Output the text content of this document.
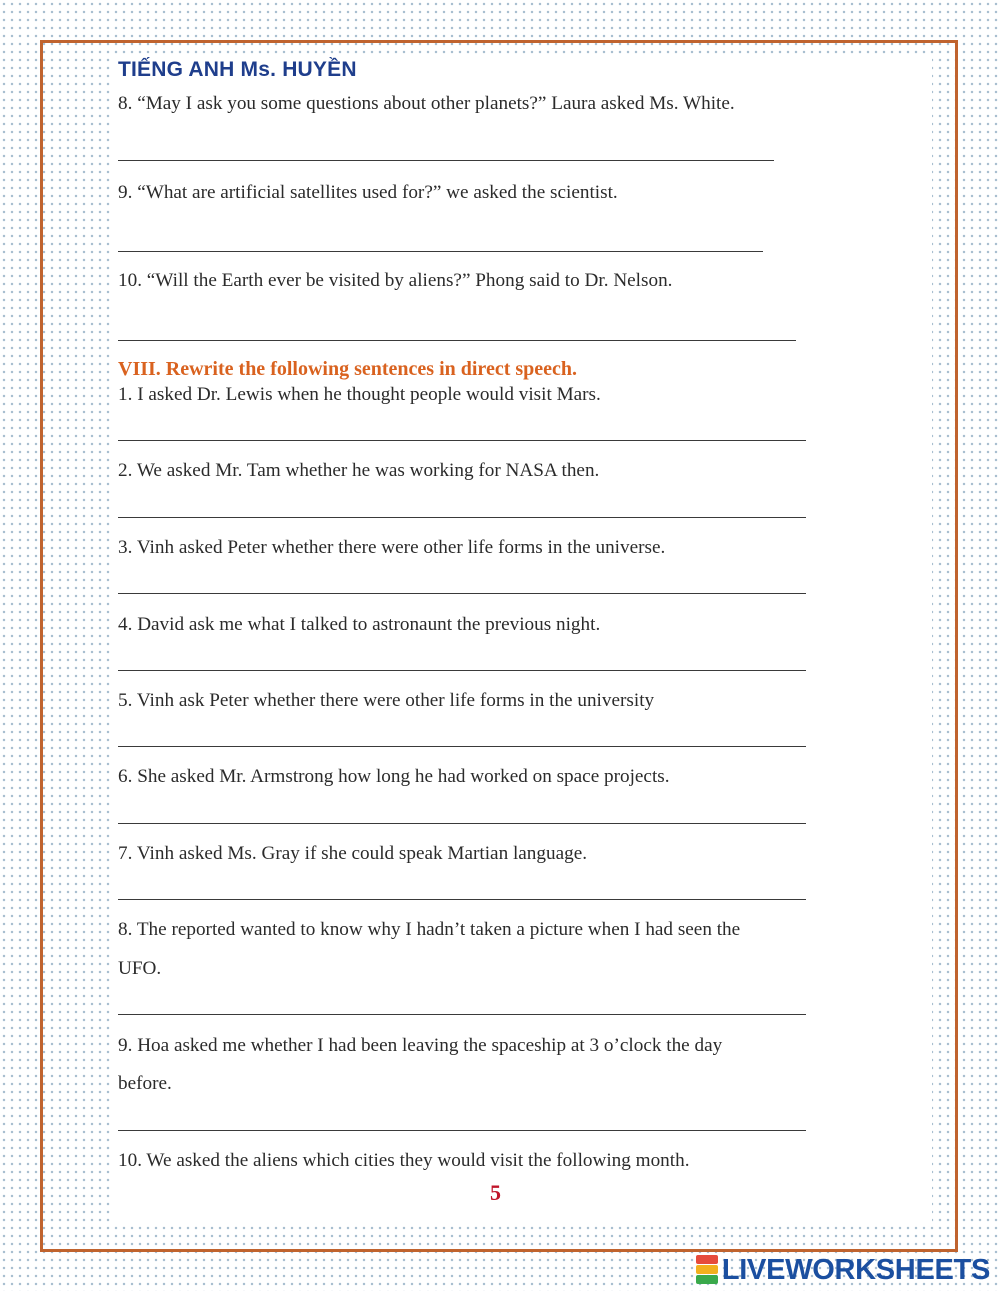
TIẾNG ANH Ms. HUYỀN

8. “May I ask you some questions about other planets?” Laura asked Ms. White.

9. “What are artificial satellites used for?” we asked the scientist.

10. “Will the Earth ever be visited by aliens?” Phong said to Dr. Nelson.

VIII. Rewrite the following sentences in direct speech.

1. I asked Dr. Lewis when he thought people would visit Mars.

2. We asked Mr. Tam whether he was working for NASA then.

3. Vinh asked Peter whether there were other life forms in the universe.

4. David ask me what I talked to astronaunt the previous night.

5. Vinh ask Peter whether there were other life forms in the university

6. She asked Mr. Armstrong how long he had worked on space projects.

7. Vinh asked Ms. Gray if she could speak Martian language.

8. The reported wanted to know why I hadn’t taken a picture when I had seen the

UFO.

9. Hoa asked me whether I had been leaving the spaceship at 3 o’clock the day

before.

10. We asked the aliens which cities they would visit the following month.

5

LIVEWORKSHEETS
